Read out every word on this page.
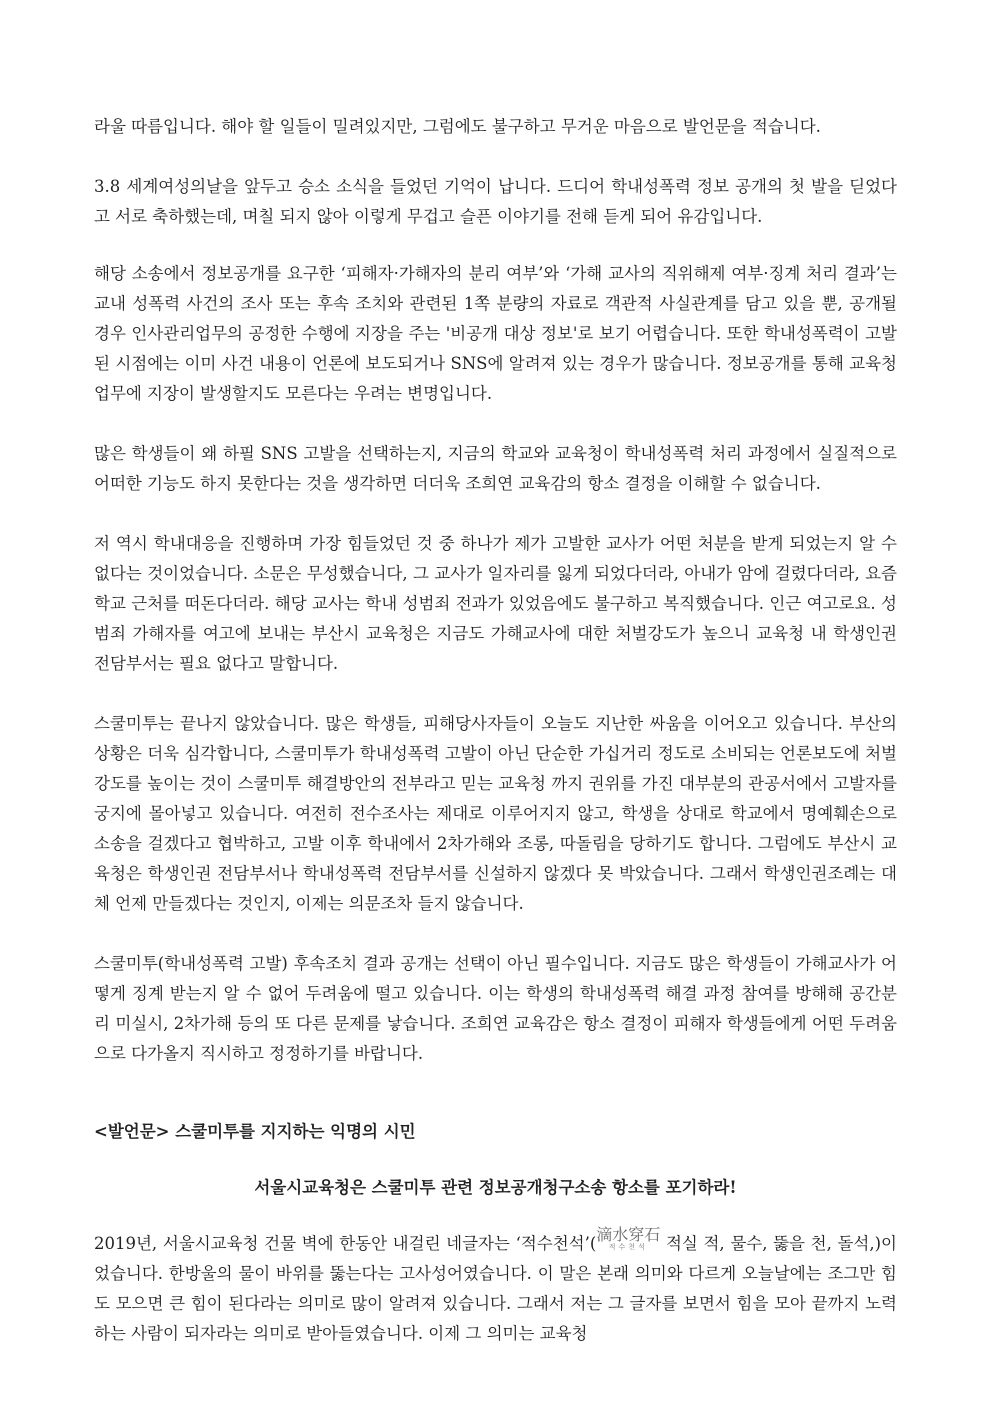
라울 따름입니다. 해야 할 일들이 밀려있지만, 그럼에도 불구하고 무거운 마음으로 발언문을 적습니다.

3.8 세계여성의날을 앞두고 승소 소식을 들었던 기억이 납니다. 드디어 학내성폭력 정보 공개의 첫 발을 딛었다고 서로 축하했는데, 며칠 되지 않아 이렇게 무겁고 슬픈 이야기를 전해 듣게 되어 유감입니다.

해당 소송에서 정보공개를 요구한 ‘피해자·가해자의 분리 여부’와 ‘가해 교사의 직위해제 여부·징계 처리 결과’는 교내 성폭력 사건의 조사 또는 후속 조치와 관련된 1쪽 분량의 자료로 객관적 사실관계를 담고 있을 뿐, 공개될 경우 인사관리업무의 공정한 수행에 지장을 주는 '비공개 대상 정보'로 보기 어렵습니다. 또한 학내성폭력이 고발된 시점에는 이미 사건 내용이 언론에 보도되거나 SNS에 알려져 있는 경우가 많습니다. 정보공개를 통해 교육청 업무에 지장이 발생할지도 모른다는 우려는 변명입니다.

많은 학생들이 왜 하필 SNS 고발을 선택하는지, 지금의 학교와 교육청이 학내성폭력 처리 과정에서 실질적으로 어떠한 기능도 하지 못한다는 것을 생각하면 더더욱 조희연 교육감의 항소 결정을 이해할 수 없습니다.

저 역시 학내대응을 진행하며 가장 힘들었던 것 중 하나가 제가 고발한 교사가 어떤 처분을 받게 되었는지 알 수 없다는 것이었습니다. 소문은 무성했습니다, 그 교사가 일자리를 잃게 되었다더라, 아내가 암에 걸렸다더라, 요즘 학교 근처를 떠돈다더라. 해당 교사는 학내 성범죄 전과가 있었음에도 불구하고 복직했습니다. 인근 여고로요. 성범죄 가해자를 여고에 보내는 부산시 교육청은 지금도 가해교사에 대한 처벌강도가 높으니 교육청 내 학생인권 전담부서는 필요 없다고 말합니다.

스쿨미투는 끝나지 않았습니다. 많은 학생들, 피해당사자들이 오늘도 지난한 싸움을 이어오고 있습니다. 부산의 상황은 더욱 심각합니다, 스쿨미투가 학내성폭력 고발이 아닌 단순한 가십거리 정도로 소비되는 언론보도에 처벌강도를 높이는 것이 스쿨미투 해결방안의 전부라고 믿는 교육청 까지 권위를 가진 대부분의 관공서에서 고발자를 궁지에 몰아넣고 있습니다. 여전히 전수조사는 제대로 이루어지지 않고, 학생을 상대로 학교에서 명예훼손으로 소송을 걸겠다고 협박하고, 고발 이후 학내에서 2차가해와 조롱, 따돌림을 당하기도 합니다. 그럼에도 부산시 교육청은 학생인권 전담부서나 학내성폭력 전담부서를 신설하지 않겠다 못 박았습니다. 그래서 학생인권조례는 대체 언제 만들겠다는 것인지, 이제는 의문조차 들지 않습니다.

스쿨미투(학내성폭력 고발) 후속조치 결과 공개는 선택이 아닌 필수입니다. 지금도 많은 학생들이 가해교사가 어떻게 징계 받는지 알 수 없어 두려움에 떨고 있습니다. 이는 학생의 학내성폭력 해결 과정 참여를 방해해 공간분리 미실시, 2차가해 등의 또 다른 문제를 낳습니다. 조희연 교육감은 항소 결정이 피해자 학생들에게 어떤 두려움으로 다가올지 직시하고 정정하기를 바랍니다.

<발언문> 스쿨미투를 지지하는 익명의 시민

서울시교육청은 스쿨미투 관련 정보공개청구소송 항소를 포기하라!

2019년, 서울시교육청 건물 벽에 한동안 내걸린 네글자는 ‘적수천석’( 滴水穿石
적수천석 적실 적, 물수, 뚫을 천, 돌석,)이었습니다. 한방울의 물이 바위를 뚫는다는 고사성어였습니다. 이 말은 본래 의미와 다르게 오늘날에는 조그만 힘도 모으면 큰 힘이 된다라는 의미로 많이 알려져 있습니다. 그래서 저는 그 글자를 보면서 힘을 모아 끝까지 노력하는 사람이 되자라는 의미로 받아들였습니다. 이제 그 의미는 교육청
